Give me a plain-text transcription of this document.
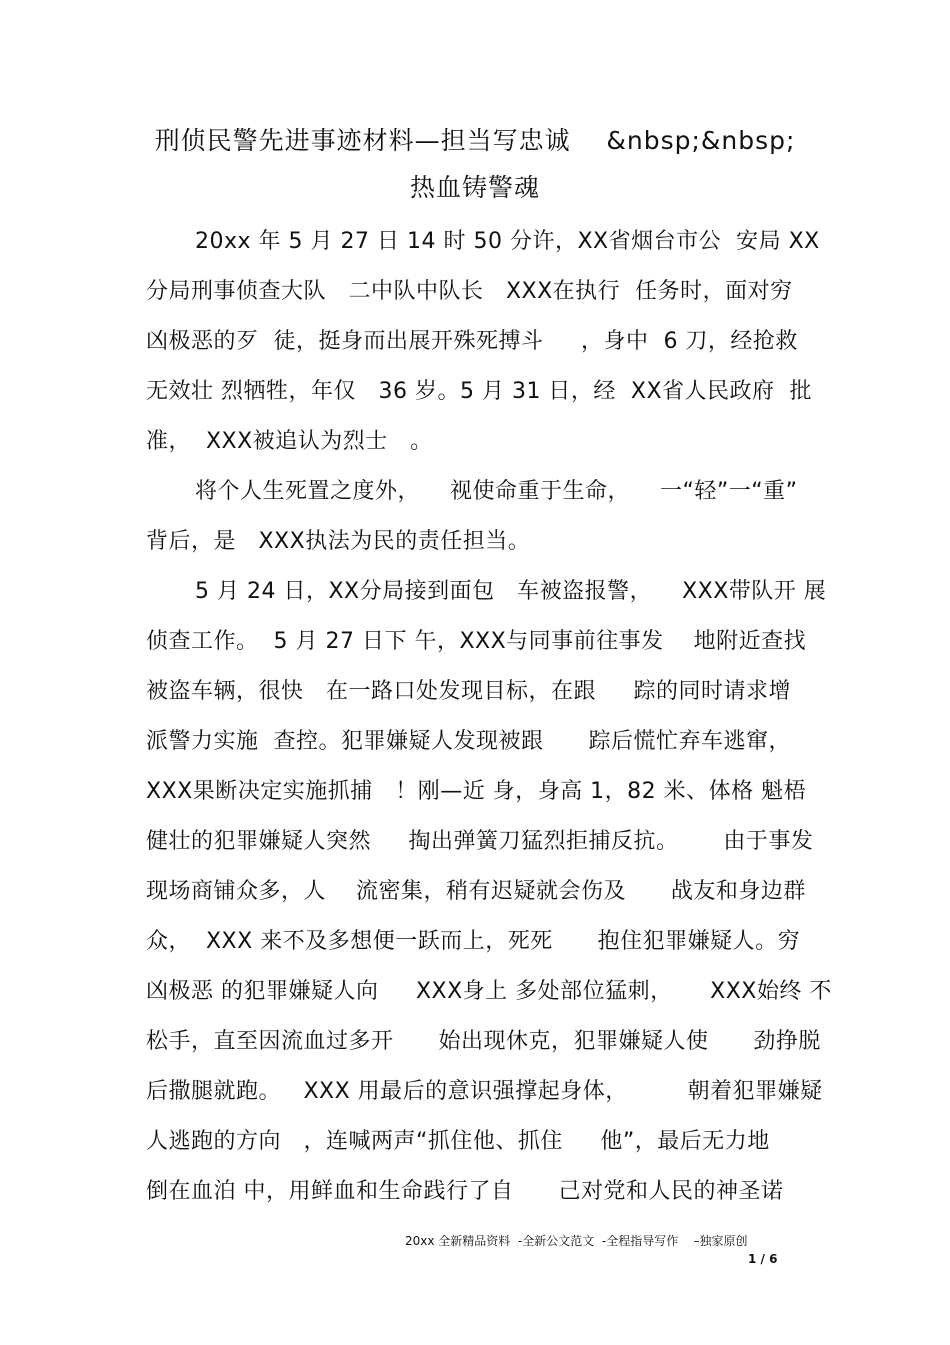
刑侦民警先进事迹材料—担当写忠诚    &nbsp;&nbsp;
热血铸警魂
20xx 年 5 月 27 日 14 时 50 分许，XX省烟台市公  安局 XX
分局刑事侦查大队   二中队中队长   XXX在执行  任务时，面对穷
凶极恶的歹  徒，挺身而出展开殊死搏斗     ，身中  6 刀，经抢救
无效壮 烈牺牲，年仅   36 岁。5 月 31 日，经  XX省人民政府  批
准，  XXX被追认为烈士   。
将个人生死置之度外，    视使命重于生命，    一“轻”一“重”
背后，是   XXX执法为民的责任担当。
5 月 24 日，XX分局接到面包   车被盗报警，    XXX带队开 展
侦查工作。  5 月 27 日下 午，XXX与同事前往事发    地附近查找
被盗车辆，很快   在一路口处发现目标，在跟     踪的同时请求增
派警力实施  查控。犯罪嫌疑人发现被跟      踪后慌忙弃车逃窜，
XXX果断决定实施抓捕   ！刚—近 身，身高 1，82 米、体格 魁梧
健壮的犯罪嫌疑人突然     掏出弹簧刀猛烈拒捕反抗。      由于事发
现场商铺众多，人    流密集，稍有迟疑就会伤及      战友和身边群
众，  XXX 来不及多想便一跃而上，死死      抱住犯罪嫌疑人。穷
凶极恶 的犯罪嫌疑人向     XXX身上 多处部位猛刺，     XXX始终 不
松手，直至因流血过多开      始出现休克，犯罪嫌疑人使      劲挣脱
后撒腿就跑。   XXX 用最后的意识强撑起身体，        朝着犯罪嫌疑
人逃跑的方向   ，连喊两声“抓住他、抓住     他”，最后无力地
倒在血泊 中，用鲜血和生命践行了自      己对党和人民的神圣诺
20xx 全新精品资料  -全新公文范文  -全程指导写作    –独家原创
1 / 6
